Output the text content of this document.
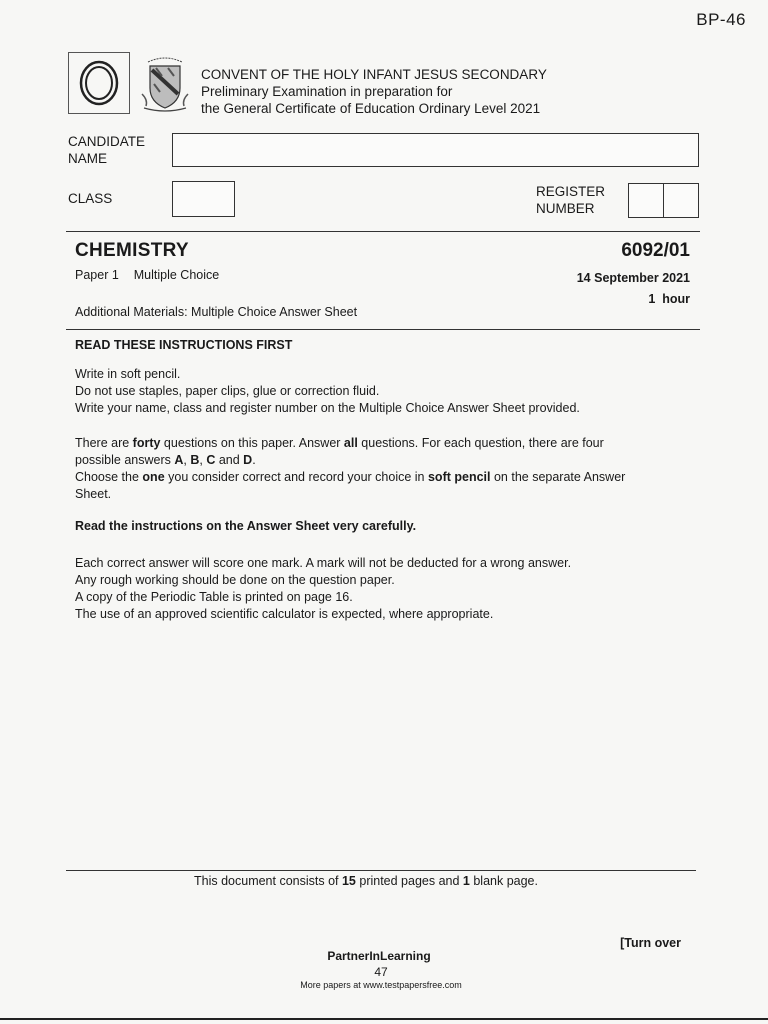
BP-46
CONVENT OF THE HOLY INFANT JESUS SECONDARY
Preliminary Examination in preparation for
the General Certificate of Education Ordinary Level 2021
CANDIDATE
NAME
CLASS	REGISTER
NUMBER
CHEMISTRY	6092/01
Paper 1 Multiple Choice	14 September 2021
1  hour
Additional Materials: Multiple Choice Answer Sheet
READ THESE INSTRUCTIONS FIRST

Write in soft pencil.

Do not use staples, paper clips, glue or correction fluid.

Write your name, class and register number on the Multiple Choice Answer Sheet provided.

There are forty questions on this paper. Answer all questions. For each question, there are four

possible answers A, B, C and D.

Choose the one you consider correct and record your choice in soft pencil on the separate Answer

Sheet.

Read the instructions on the Answer Sheet very carefully.

Each correct answer will score one mark. A mark will not be deducted for a wrong answer.

Any rough working should be done on the question paper.

A copy of the Periodic Table is printed on page 16.

The use of an approved scientific calculator is expected, where appropriate.

This document consists of 15 printed pages and 1 blank page.
[Turn over
PartnerInLearning
47
More papers at www.testpapersfree.com
